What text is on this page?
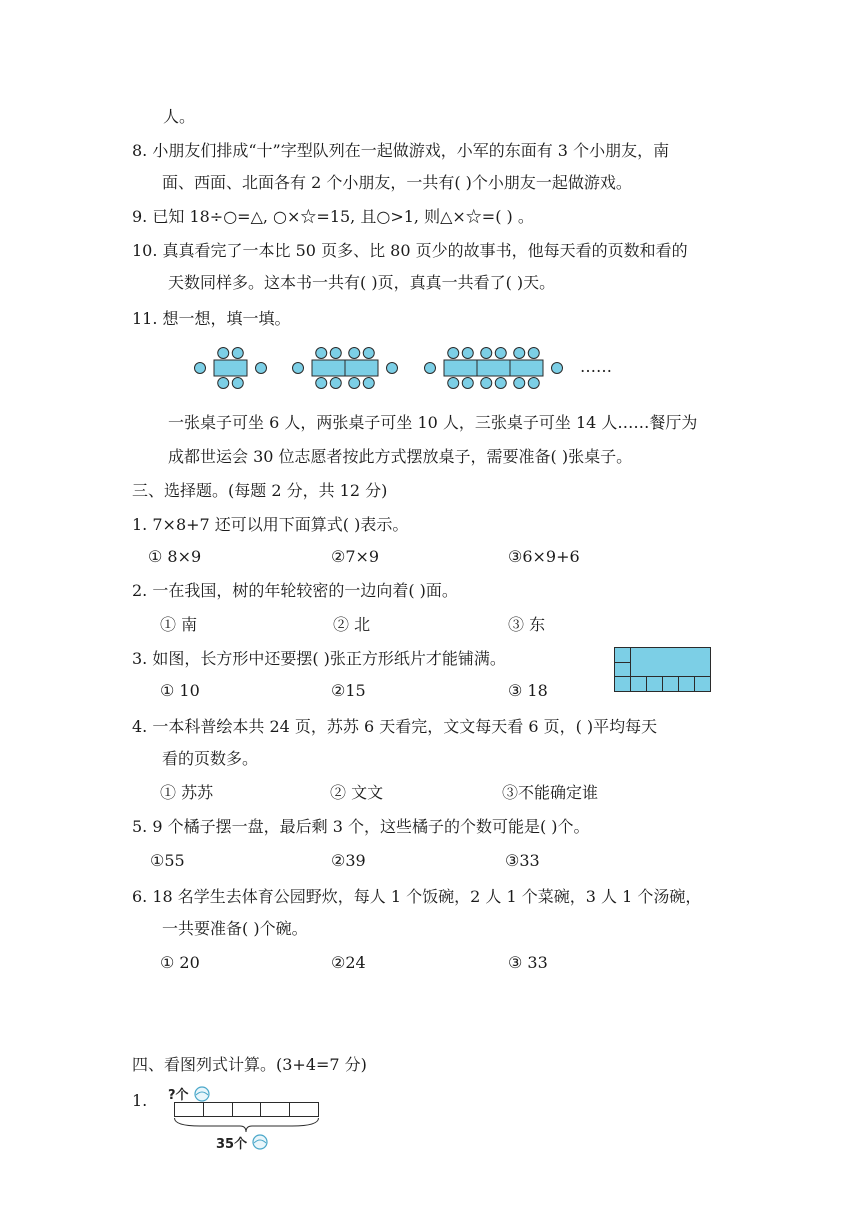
人。
8. 小朋友们排成“十”字型队列在一起做游戏，小军的东面有 3 个小朋友，南
面、西面、北面各有 2 个小朋友，一共有( )个小朋友一起做游戏。
9. 已知 18÷○=△, ○×☆=15, 且○>1, 则△×☆=( ) 。
10. 真真看完了一本比 50 页多、比 80 页少的故事书，他每天看的页数和看的
天数同样多。这本书一共有( )页，真真一共看了( )天。
11. 想一想，填一填。
……
一张桌子可坐 6 人，两张桌子可坐 10 人，三张桌子可坐 14 人……餐厅为
成都世运会 30 位志愿者按此方式摆放桌子，需要准备( )张桌子。
三、选择题。(每题 2 分，共 12 分)
1. 7×8+7 还可以用下面算式( )表示。
① 8×9	②7×9	③6×9+6
2. 一在我国，树的年轮较密的一边向着( )面。
① 南	② 北	③ 东
3. 如图，长方形中还要摆( )张正方形纸片才能铺满。
① 10	②15	③ 18
4. 一本科普绘本共 24 页，苏苏 6 天看完，文文每天看 6 页，( )平均每天
看的页数多。
① 苏苏	② 文文	③不能确定谁
5. 9 个橘子摆一盘，最后剩 3 个，这些橘子的个数可能是( )个。
①55	②39	③33
6. 18 名学生去体育公园野炊，每人 1 个饭碗，2 人 1 个菜碗，3 人 1 个汤碗，
一共要准备( )个碗。
① 20	②24	③ 33
四、看图列式计算。(3+4=7 分)
1. ?个
35个
